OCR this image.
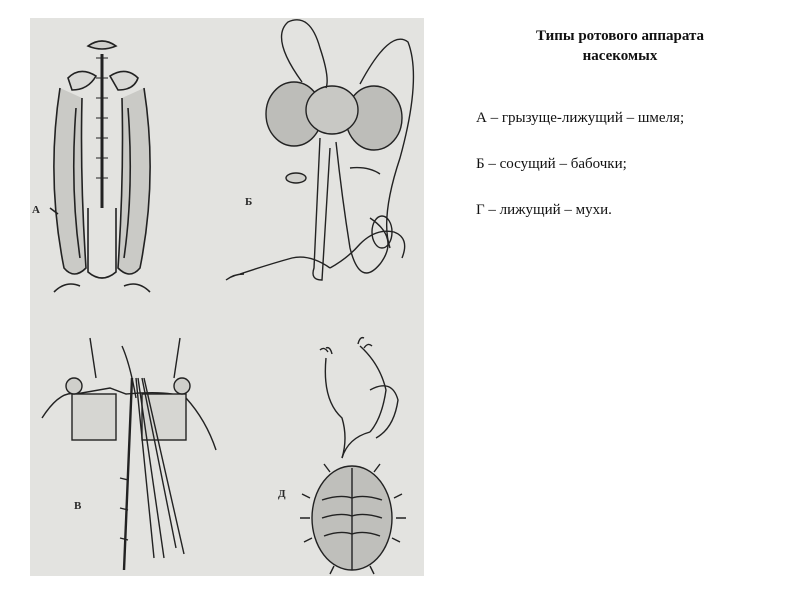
А
Б
В
Д
Типы ротового аппарата
насекомых
А – грызуще-лижущий – шмеля;
Б – сосущий – бабочки;
Г – лижущий – мухи.
